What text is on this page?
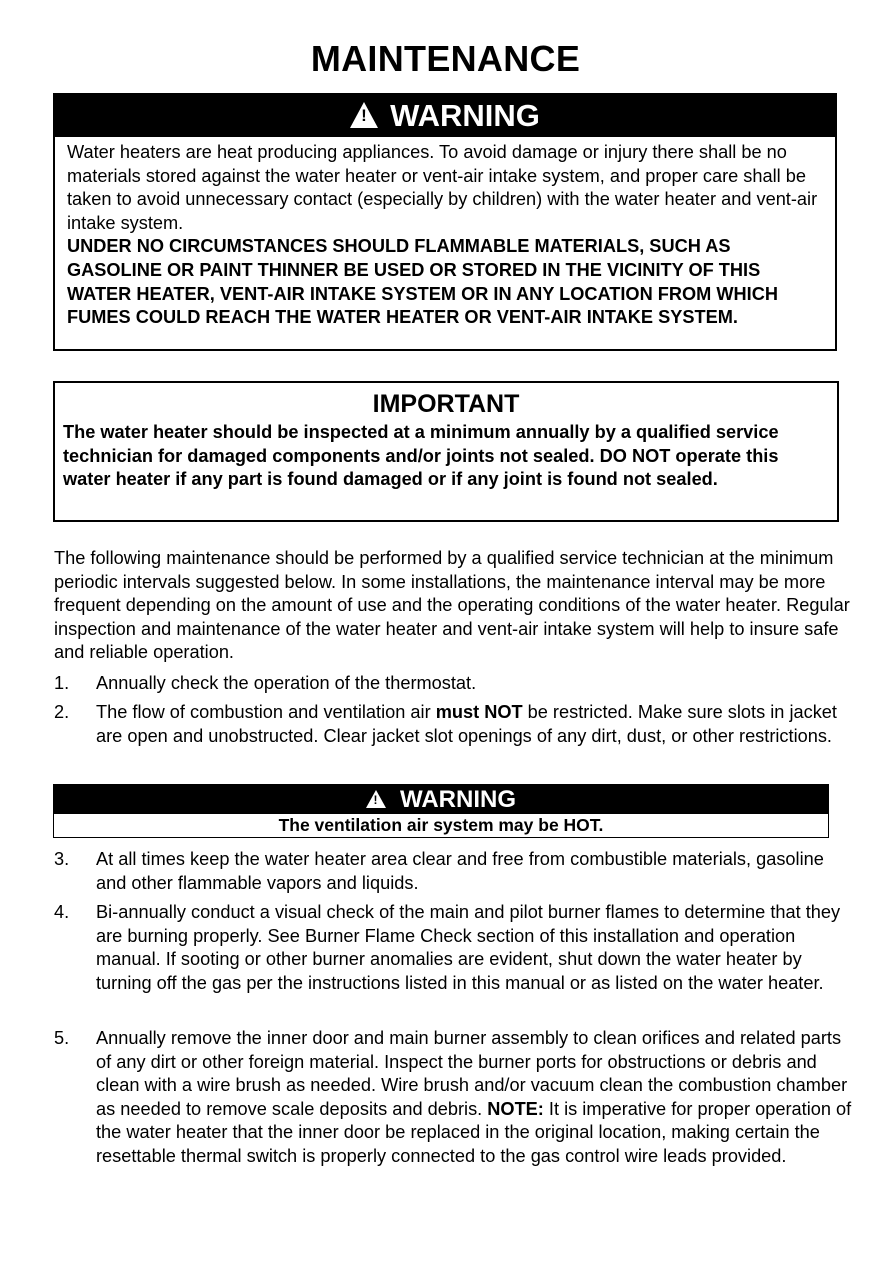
MAINTENANCE
!
WARNING
Water heaters are heat producing appliances. To avoid damage or injury there shall be no materials stored against the water heater or vent-air intake system, and proper care shall be taken to avoid unnecessary contact (especially by children) with the water heater and vent-air intake system.
UNDER NO CIRCUMSTANCES SHOULD FLAMMABLE MATERIALS, SUCH AS GASOLINE OR PAINT THINNER BE USED OR STORED IN THE VICINITY OF THIS WATER HEATER, VENT-AIR INTAKE SYSTEM OR IN ANY LOCATION FROM WHICH FUMES COULD REACH THE WATER HEATER OR VENT-AIR INTAKE SYSTEM.
IMPORTANT
The water heater should be inspected at a minimum annually by a qualified service technician for damaged components and/or joints not sealed. DO NOT operate this water heater if any part is found damaged or if any joint is found not sealed.
The following maintenance should be performed by a qualified service technician at the minimum periodic intervals suggested below. In some installations, the maintenance interval may be more frequent depending on the amount of use and the operating conditions of the water heater. Regular inspection and maintenance of the water heater and vent-air intake system will help to insure safe and reliable operation.
1. Annually check the operation of the thermostat.
2. The flow of combustion and ventilation air must NOT be restricted. Make sure slots in jacket are open and unobstructed. Clear jacket slot openings of any dirt, dust, or other restrictions.
!
WARNING
The ventilation air system may be HOT.
3. At all times keep the water heater area clear and free from combustible materials, gasoline and other flammable vapors and liquids.
4. Bi-annually conduct a visual check of the main and pilot burner flames to determine that they are burning properly. See Burner Flame Check section of this installation and operation manual. If sooting or other burner anomalies are evident, shut down the water heater by turning off the gas per the instructions listed in this manual or as listed on the water heater.
5. Annually remove the inner door and main burner assembly to clean orifices and related parts of any dirt or other foreign material. Inspect the burner ports for obstructions or debris and clean with a wire brush as needed. Wire brush and/or vacuum clean the combustion chamber as needed to remove scale deposits and debris. NOTE: It is imperative for proper operation of the water heater that the inner door be replaced in the original location, making certain the resettable thermal switch is properly connected to the gas control wire leads provided.
